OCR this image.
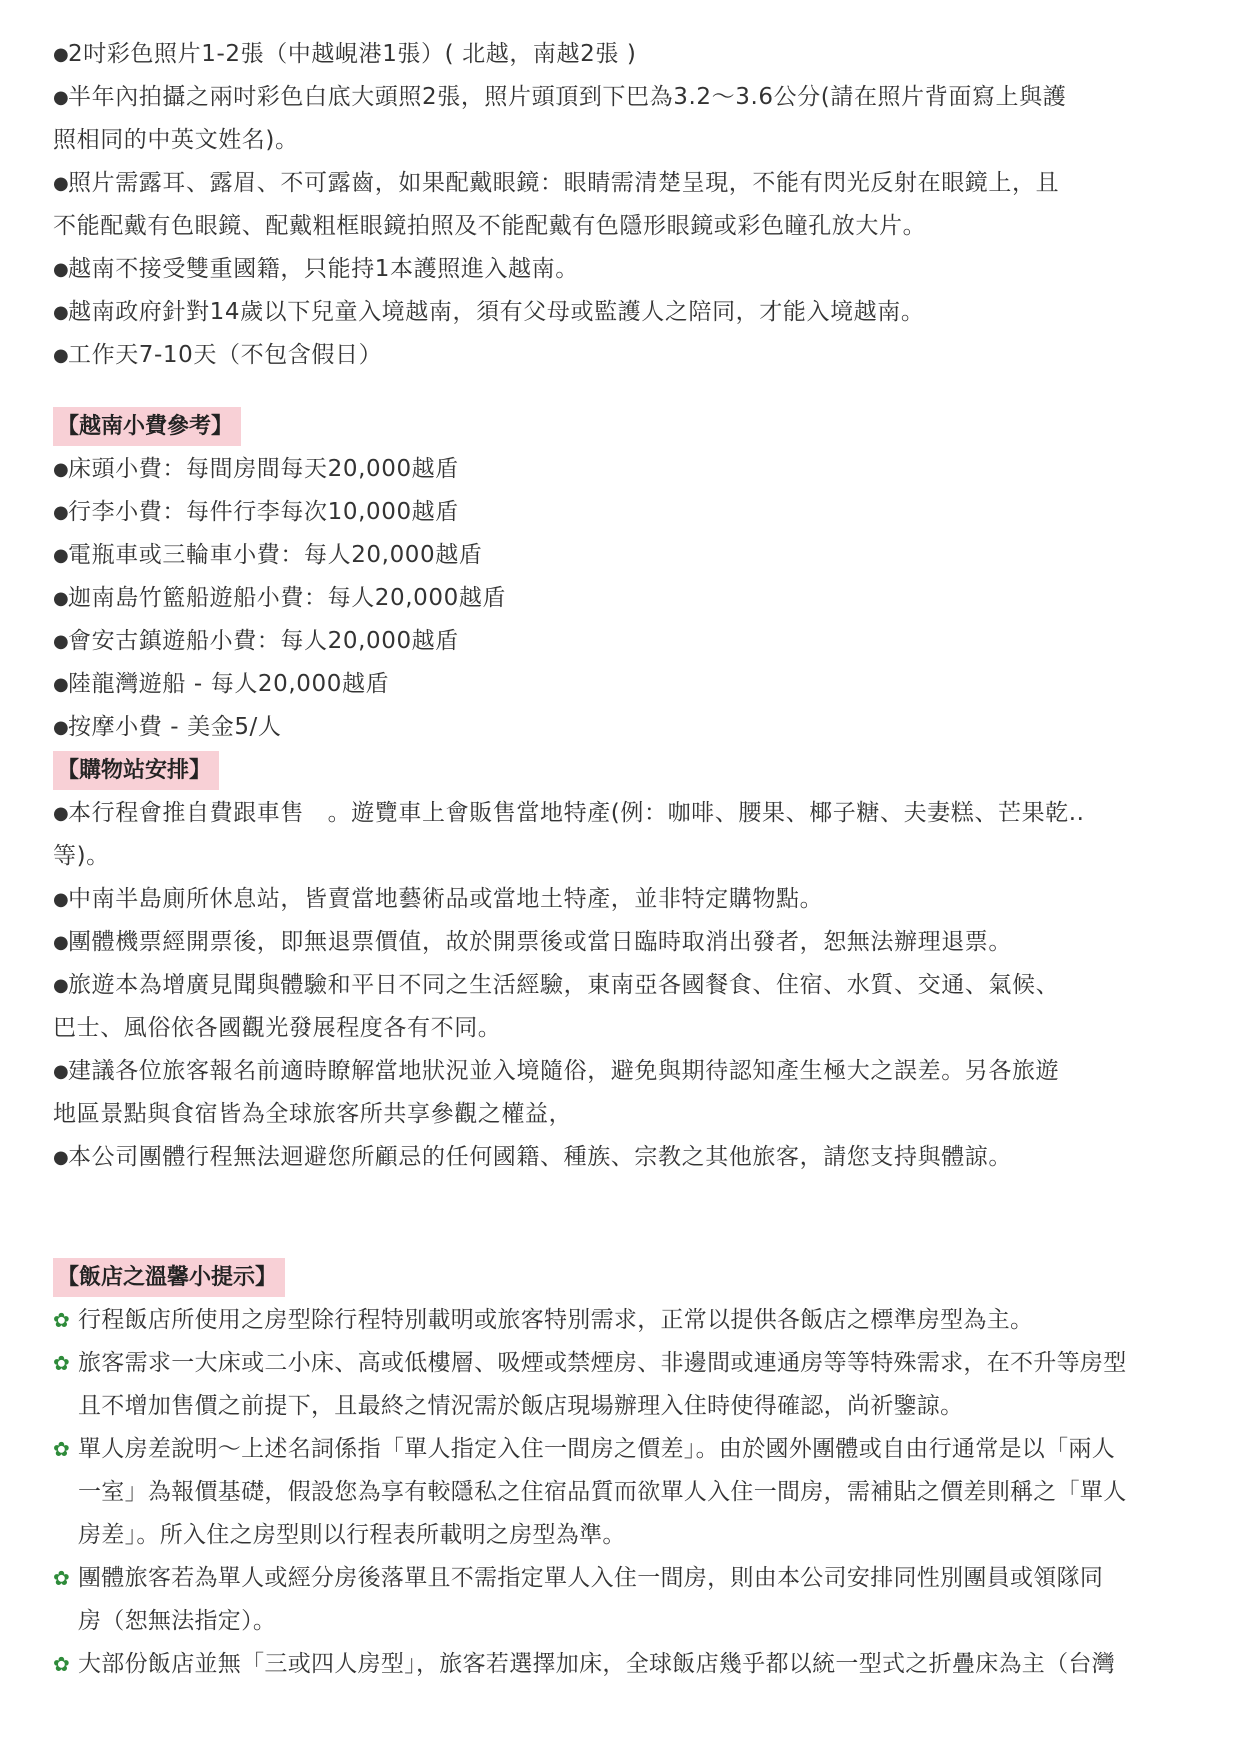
●2吋彩色照片1-2張（中越峴港1張）( 北越，南越2張 )
●半年內拍攝之兩吋彩色白底大頭照2張，照片頭頂到下巴為3.2～3.6公分(請在照片背面寫上與護
照相同的中英文姓名)。
●照片需露耳、露眉、不可露齒，如果配戴眼鏡：眼睛需清楚呈現，不能有閃光反射在眼鏡上，且
不能配戴有色眼鏡、配戴粗框眼鏡拍照及不能配戴有色隱形眼鏡或彩色瞳孔放大片。
●越南不接受雙重國籍，只能持1本護照進入越南。
●越南政府針對14歲以下兒童入境越南，須有父母或監護人之陪同，才能入境越南。
●工作天7-10天（不包含假日）
【越南小費參考】
●床頭小費：每間房間每天20,000越盾
●行李小費：每件行李每次10,000越盾
●電瓶車或三輪車小費：每人20,000越盾
●迦南島竹籃船遊船小費：每人20,000越盾
●會安古鎮遊船小費：每人20,000越盾
●陸龍灣遊船 - 每人20,000越盾
●按摩小費 - 美金5/人
【購物站安排】
●本行程會推自費跟車售　。遊覽車上會販售當地特產(例：咖啡、腰果、椰子糖、夫妻糕、芒果乾..
等)。
●中南半島廁所休息站，皆賣當地藝術品或當地土特產，並非特定購物點。
●團體機票經開票後，即無退票價值，故於開票後或當日臨時取消出發者，恕無法辦理退票。
●旅遊本為增廣見聞與體驗和平日不同之生活經驗，東南亞各國餐食、住宿、水質、交通、氣候、
巴士、風俗依各國觀光發展程度各有不同。
●建議各位旅客報名前適時瞭解當地狀況並入境隨俗，避免與期待認知產生極大之誤差。另各旅遊
地區景點與食宿皆為全球旅客所共享參觀之權益，
●本公司團體行程無法迴避您所顧忌的任何國籍、種族、宗教之其他旅客，請您支持與體諒。
【飯店之溫馨小提示】
✿ 行程飯店所使用之房型除行程特別載明或旅客特別需求，正常以提供各飯店之標準房型為主。
✿ 旅客需求一大床或二小床、高或低樓層、吸煙或禁煙房、非邊間或連通房等等特殊需求，在不升等房型
且不增加售價之前提下，且最終之情況需於飯店現場辦理入住時使得確認，尚祈鑒諒。
✿ 單人房差說明～上述名詞係指「單人指定入住一間房之價差」。由於國外團體或自由行通常是以「兩人
一室」為報價基礎，假設您為享有較隱私之住宿品質而欲單人入住一間房，需補貼之價差則稱之「單人
房差」。所入住之房型則以行程表所載明之房型為準。
✿ 團體旅客若為單人或經分房後落單且不需指定單人入住一間房，則由本公司安排同性別團員或領隊同
房（恕無法指定）。
✿ 大部份飯店並無「三或四人房型」，旅客若選擇加床，全球飯店幾乎都以統一型式之折疊床為主（台灣
